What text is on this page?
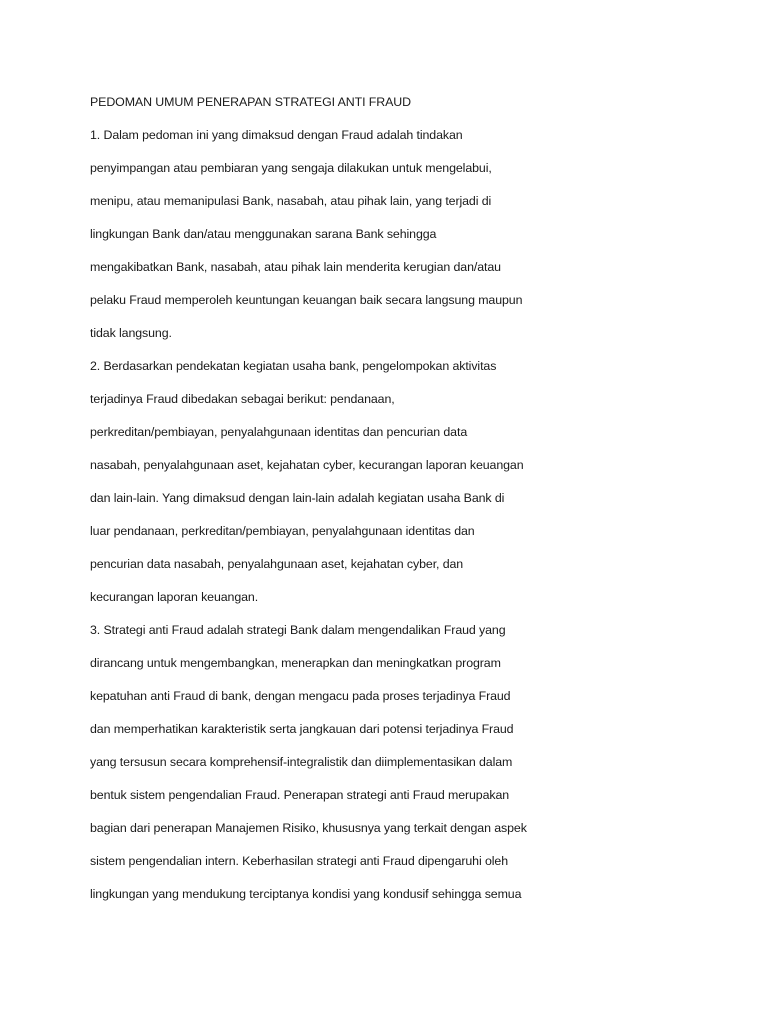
PEDOMAN UMUM PENERAPAN STRATEGI ANTI FRAUD
1. Dalam pedoman ini yang dimaksud dengan Fraud adalah tindakan
penyimpangan atau pembiaran yang sengaja dilakukan untuk mengelabui,
menipu, atau memanipulasi Bank, nasabah, atau pihak lain, yang terjadi di
lingkungan Bank dan/atau menggunakan sarana Bank sehingga
mengakibatkan Bank, nasabah, atau pihak lain menderita kerugian dan/atau
pelaku Fraud memperoleh keuntungan keuangan baik secara langsung maupun
tidak langsung.
2. Berdasarkan pendekatan kegiatan usaha bank, pengelompokan aktivitas
terjadinya Fraud dibedakan sebagai berikut: pendanaan,
perkreditan/pembiayan, penyalahgunaan identitas dan pencurian data
nasabah, penyalahgunaan aset, kejahatan cyber, kecurangan laporan keuangan
dan lain-lain. Yang dimaksud dengan lain-lain adalah kegiatan usaha Bank di
luar pendanaan, perkreditan/pembiayan, penyalahgunaan identitas dan
pencurian data nasabah, penyalahgunaan aset, kejahatan cyber, dan
kecurangan laporan keuangan.
3. Strategi anti Fraud adalah strategi Bank dalam mengendalikan Fraud yang
dirancang untuk mengembangkan, menerapkan dan meningkatkan program
kepatuhan anti Fraud di bank, dengan mengacu pada proses terjadinya Fraud
dan memperhatikan karakteristik serta jangkauan dari potensi terjadinya Fraud
yang tersusun secara komprehensif-integralistik dan diimplementasikan dalam
bentuk sistem pengendalian Fraud. Penerapan strategi anti Fraud merupakan
bagian dari penerapan Manajemen Risiko, khususnya yang terkait dengan aspek
sistem pengendalian intern. Keberhasilan strategi anti Fraud dipengaruhi oleh
lingkungan yang mendukung terciptanya kondisi yang kondusif sehingga semua
